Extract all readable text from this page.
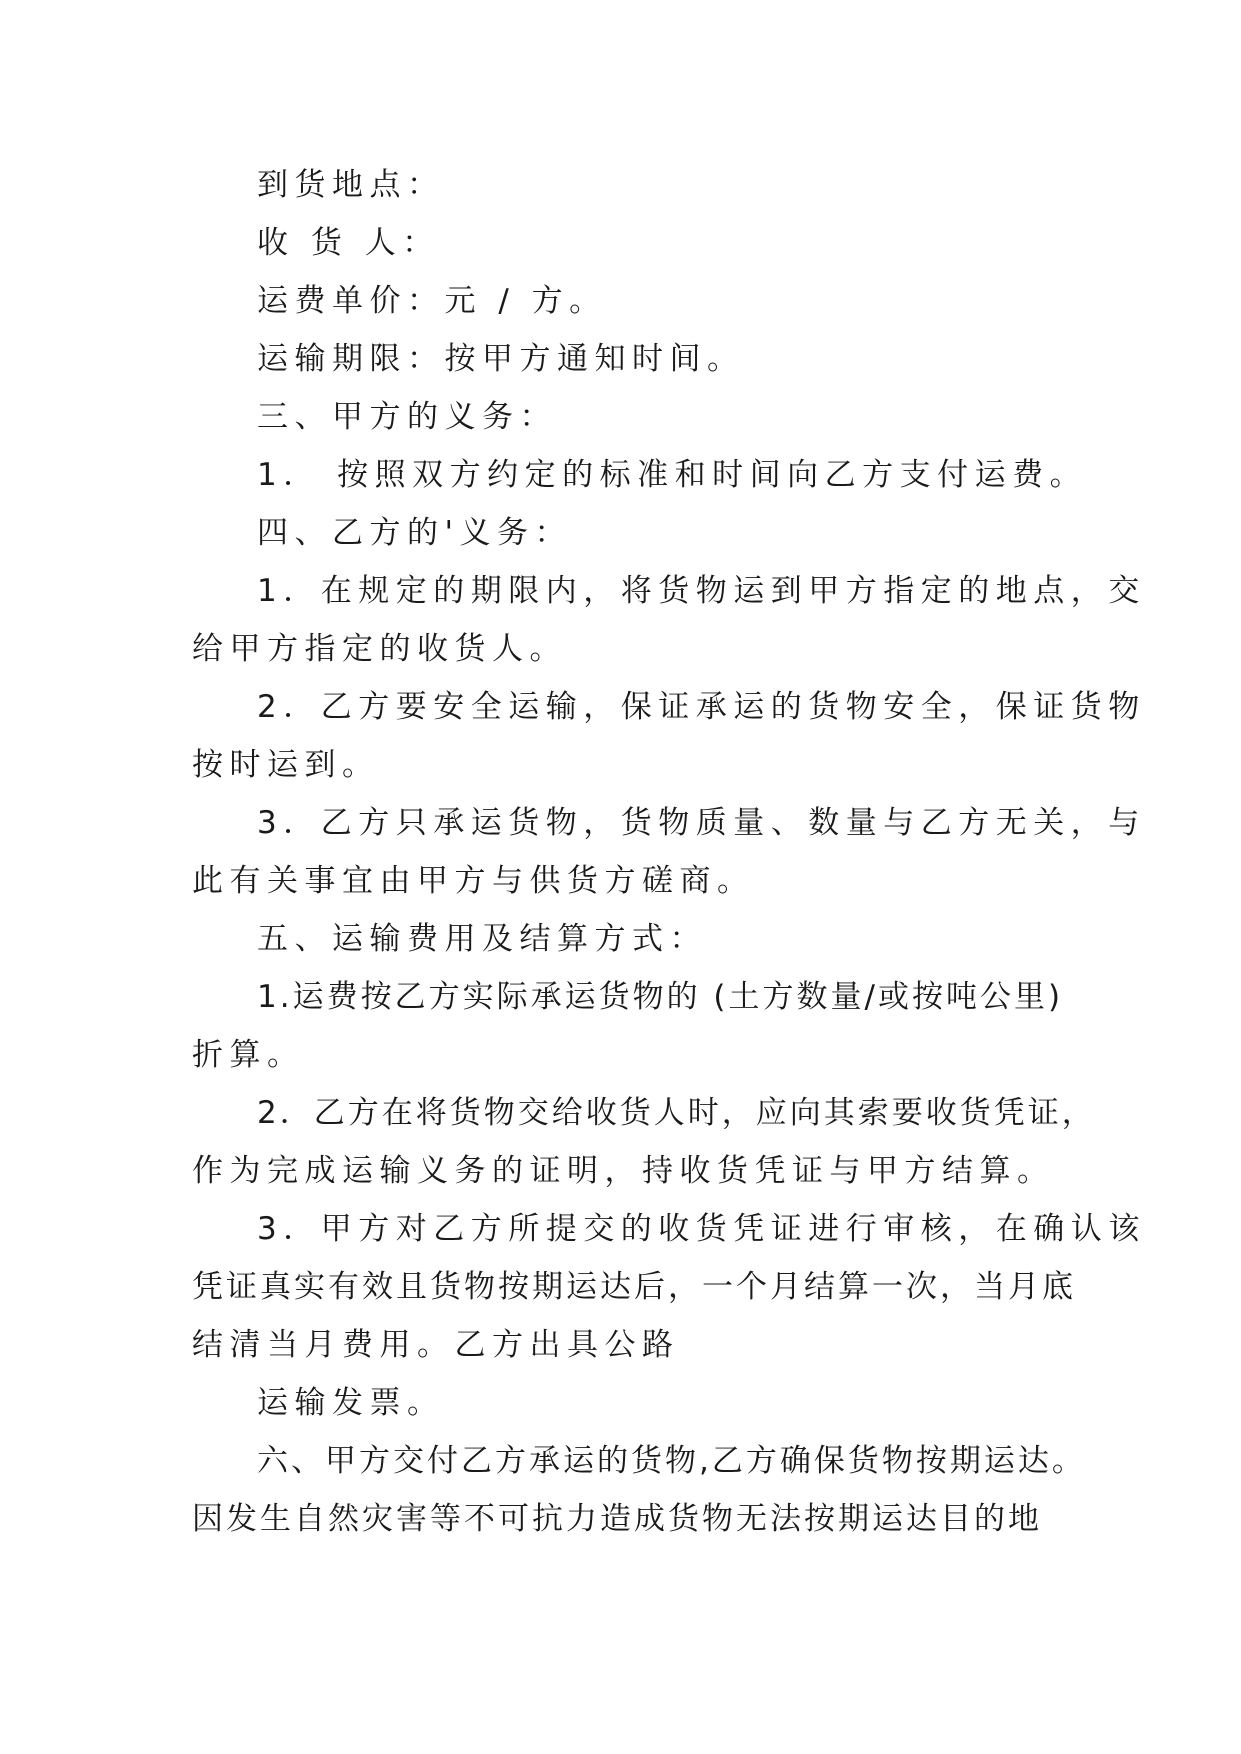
到货地点：
收 货 人：
运费单价：元 / 方。
运输期限：按甲方通知时间。
三、甲方的义务：
1． 按照双方约定的标准和时间向乙方支付运费。
四、乙方的'义务：
1．在规定的期限内，将货物运到甲方指定的地点，交
给甲方指定的收货人。
2．乙方要安全运输，保证承运的货物安全，保证货物
按时运到。
3．乙方只承运货物，货物质量、数量与乙方无关，与
此有关事宜由甲方与供货方磋商。
五、运输费用及结算方式：
1.运费按乙方实际承运货物的 (土方数量/或按吨公里)
折算。
2．乙方在将货物交给收货人时，应向其索要收货凭证，
作为完成运输义务的证明，持收货凭证与甲方结算。
3．甲方对乙方所提交的收货凭证进行审核，在确认该
凭证真实有效且货物按期运达后，一个月结算一次，当月底
结清当月费用。乙方出具公路
运输发票。
六、甲方交付乙方承运的货物,乙方确保货物按期运达。
因发生自然灾害等不可抗力造成货物无法按期运达目的地
